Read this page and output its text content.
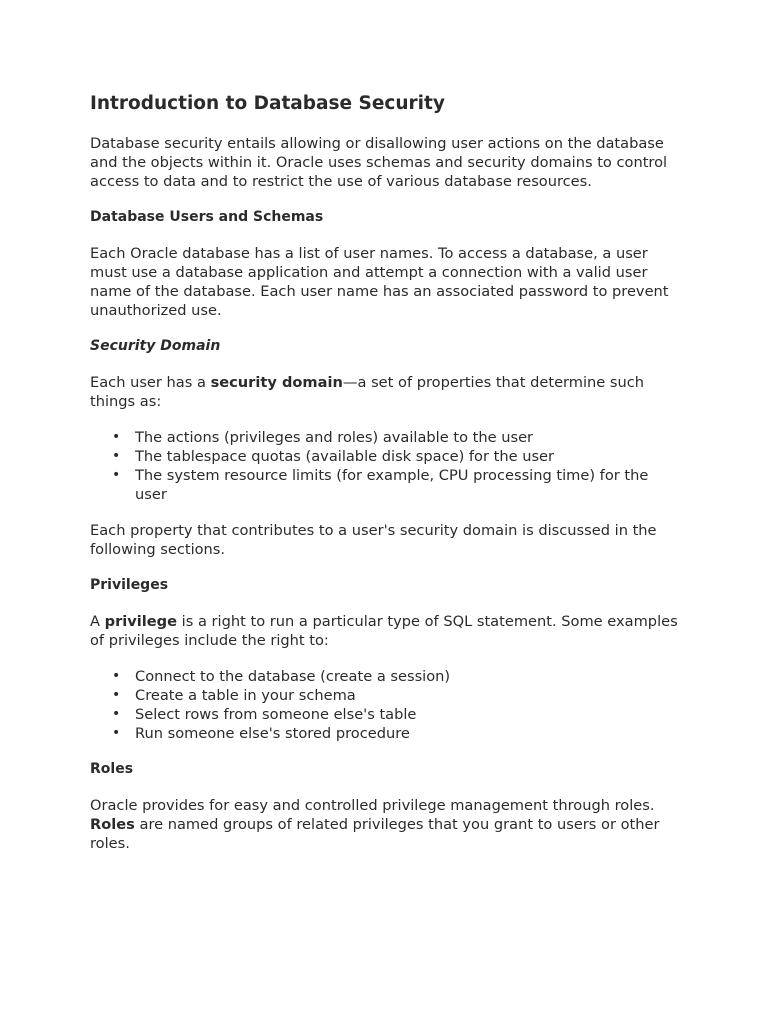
Introduction to Database Security

Database security entails allowing or disallowing user actions on the database and the objects within it. Oracle uses schemas and security domains to control access to data and to restrict the use of various database resources.

Database Users and Schemas

Each Oracle database has a list of user names. To access a database, a user must use a database application and attempt a connection with a valid user name of the database. Each user name has an associated password to prevent unauthorized use.

Security Domain

Each user has a security domain—a set of properties that determine such things as:

• The actions (privileges and roles) available to the user
• The tablespace quotas (available disk space) for the user
• The system resource limits (for example, CPU processing time) for the user

Each property that contributes to a user's security domain is discussed in the following sections.

Privileges

A privilege is a right to run a particular type of SQL statement. Some examples of privileges include the right to:

• Connect to the database (create a session)
• Create a table in your schema
• Select rows from someone else's table
• Run someone else's stored procedure
Roles

Oracle provides for easy and controlled privilege management through roles. Roles are named groups of related privileges that you grant to users or other roles.
